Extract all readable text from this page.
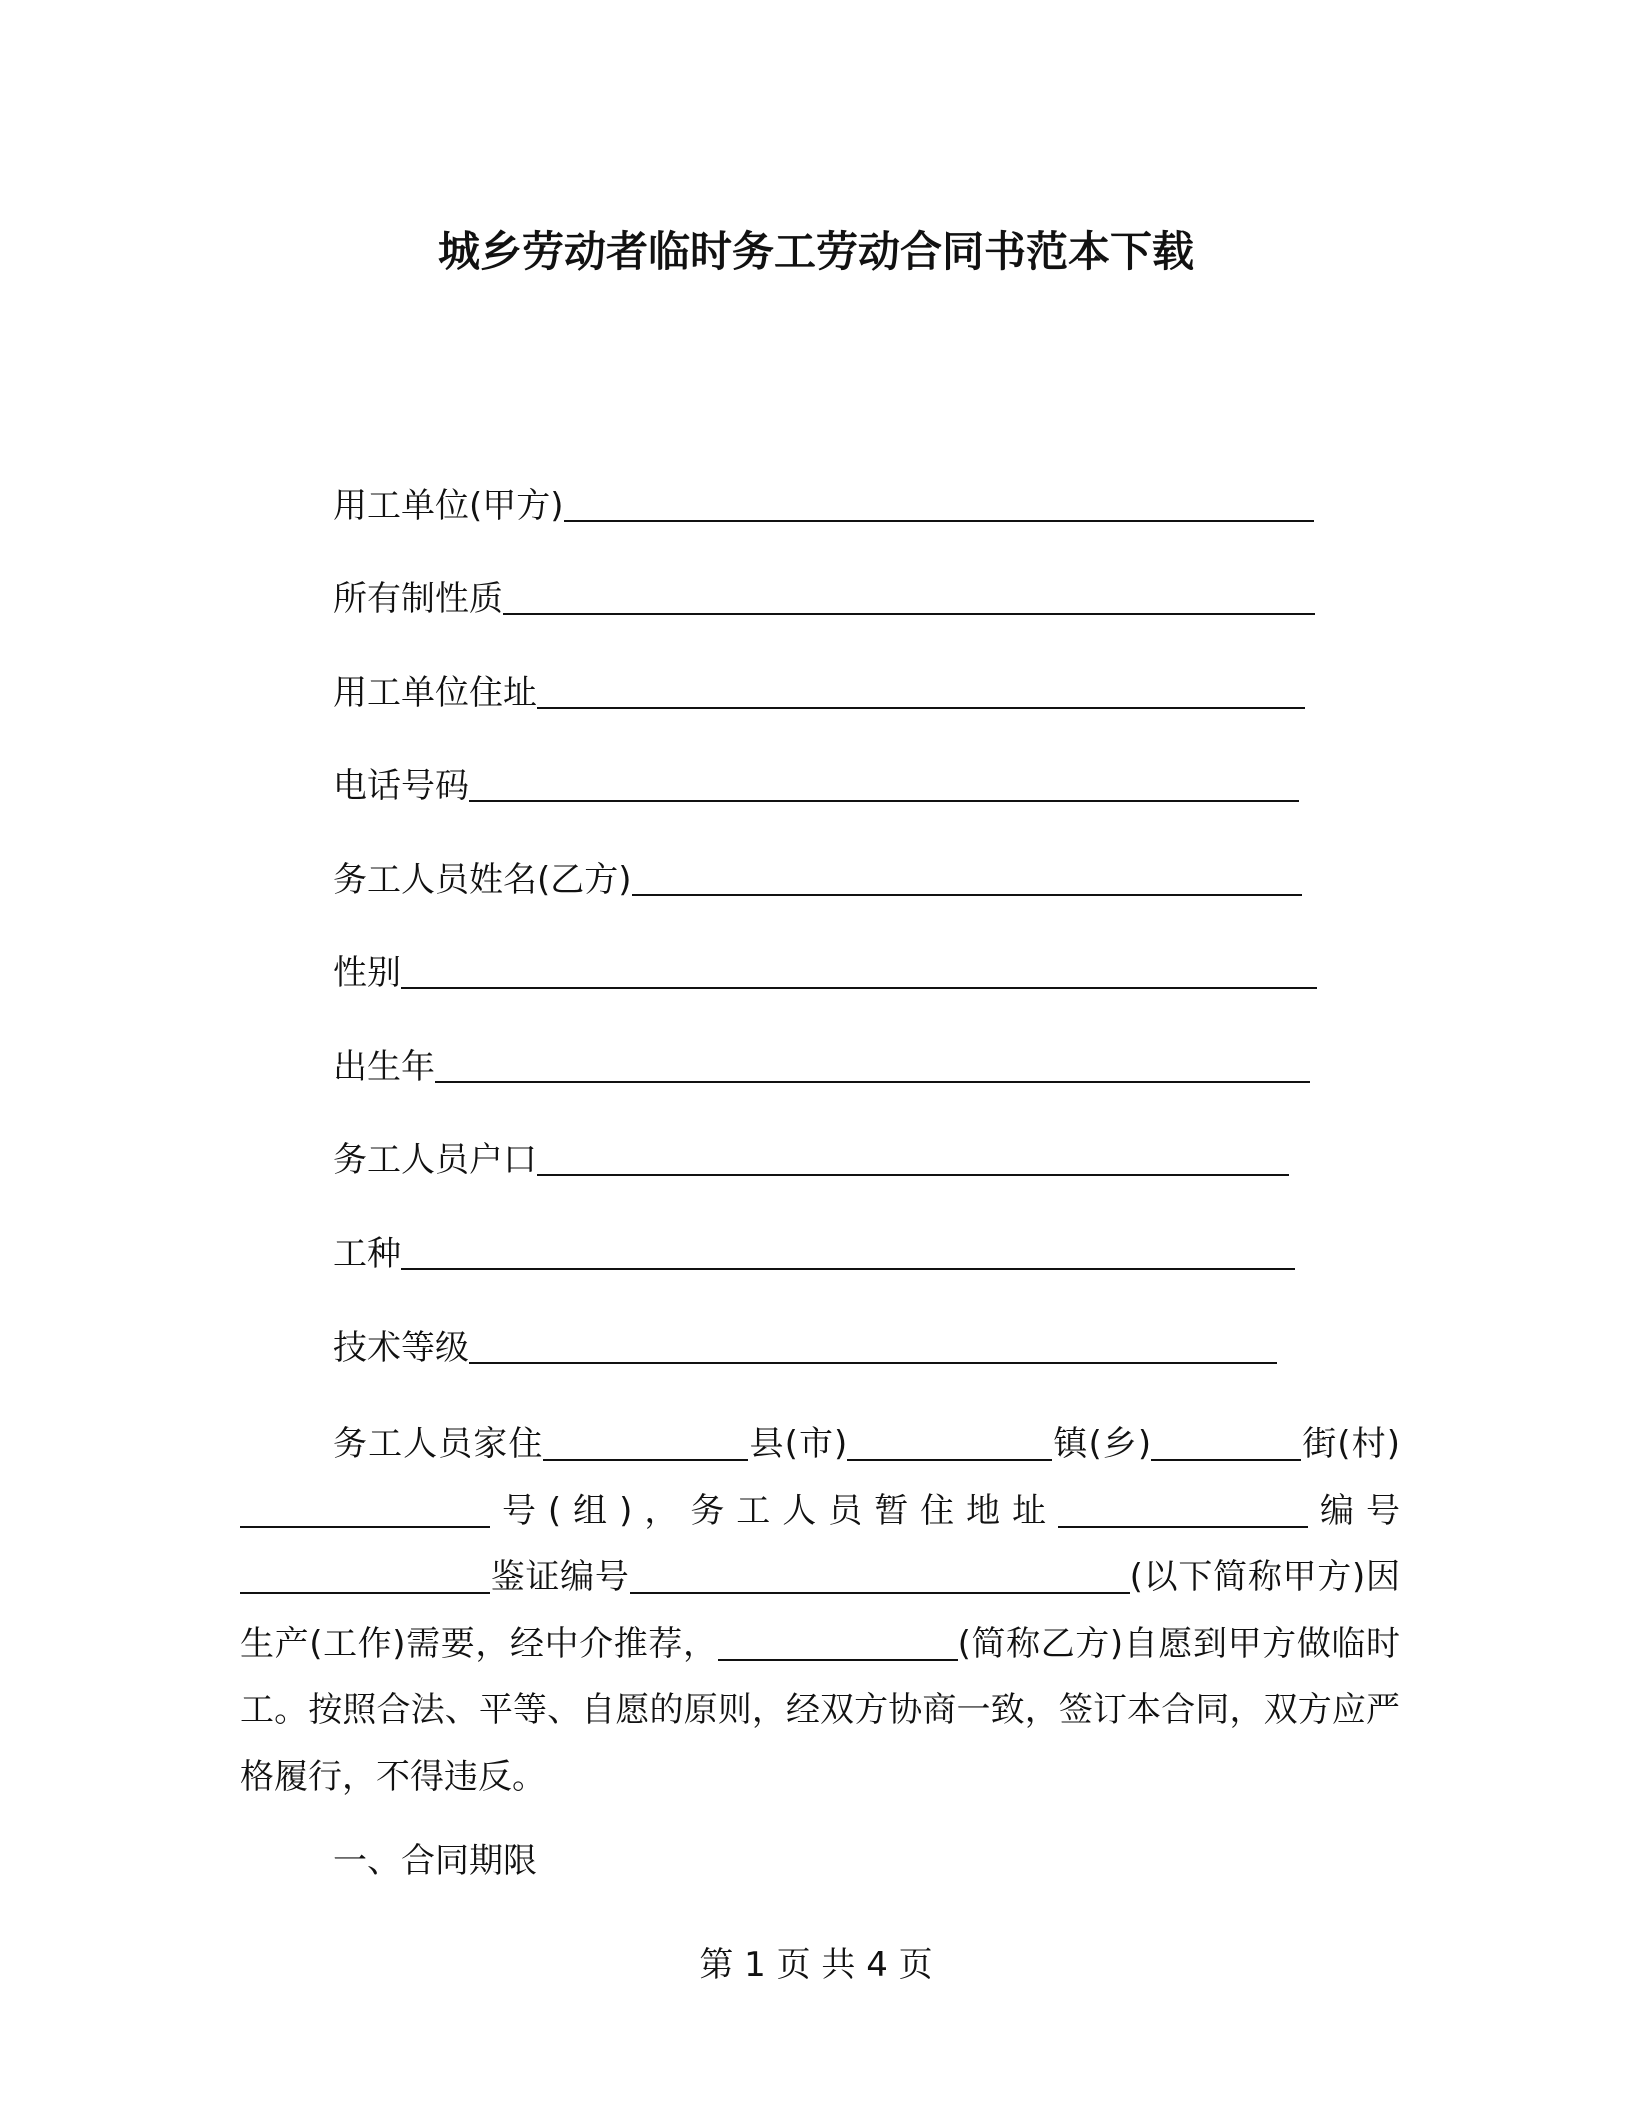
城乡劳动者临时务工劳动合同书范本下载
用工单位(甲方)
所有制性质
用工单位住址
电话号码
务工人员姓名(乙方)
性别
出生年
务工人员户口
工种
技术等级
务工人员家住	县(市)	镇(乡)	街(村)号(组)，务工人员暂住地址	编号鉴证编号	(以下简称甲方)因生产(工作)需要，经中介推荐，	(简称乙方)自愿到甲方做临时工。按照合法、平等、自愿的原则，经双方协商一致，签订本合同，双方应严格履行，不得违反。
一、合同期限
第 1 页 共 4 页
